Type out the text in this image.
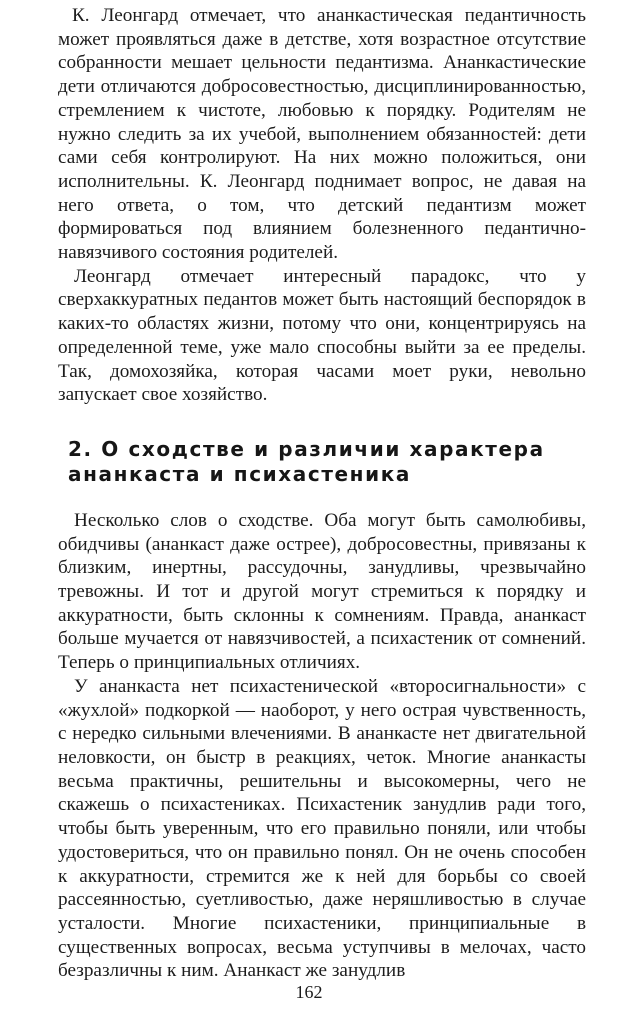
К. Леонгард отмечает, что ананкастическая педантичность может проявляться даже в детстве, хотя возрастное отсутствие собранности мешает цельности педантизма. Ананкастические дети отличаются добросовестностью, дисциплинированностью, стремлением к чистоте, любовью к порядку. Родителям не нужно следить за их учебой, выполнением обязанностей: дети сами себя контролируют. На них можно положиться, они исполнительны. К. Леонгард поднимает вопрос, не давая на него ответа, о том, что детский педантизм может формироваться под влиянием болезненного педантично-навязчивого состояния родителей.

Леонгард отмечает интересный парадокс, что у сверхаккуратных педантов может быть настоящий беспорядок в каких-то областях жизни, потому что они, концентрируясь на определенной теме, уже мало способны выйти за ее пределы. Так, домохозяйка, которая часами моет руки, невольно запускает свое хозяйство.

2. О сходстве и различии характера
ананкаста и психастеника

Несколько слов о сходстве. Оба могут быть самолюбивы, обидчивы (ананкаст даже острее), добросовестны, привязаны к близким, инертны, рассудочны, занудливы, чрезвычайно тревожны. И тот и другой могут стремиться к порядку и аккуратности, быть склонны к сомнениям. Правда, ананкаст больше мучается от навязчивостей, а психастеник от сомнений. Теперь о принципиальных отличиях.

У ананкаста нет психастенической «второсигнальности» с «жухлой» подкоркой — наоборот, у него острая чувственность, с нередко сильными влечениями. В ананкасте нет двигательной неловкости, он быстр в реакциях, четок. Многие ананкасты весьма практичны, решительны и высокомерны, чего не скажешь о психастениках. Психастеник занудлив ради того, чтобы быть уверенным, что его правильно поняли, или чтобы удостовериться, что он правильно понял. Он не очень способен к аккуратности, стремится же к ней для борьбы со своей рассеянностью, суетливостью, даже неряшливостью в случае усталости. Многие психастеники, принципиальные в существенных вопросах, весьма уступчивы в мелочах, часто безразличны к ним. Ананкаст же занудлив

162
